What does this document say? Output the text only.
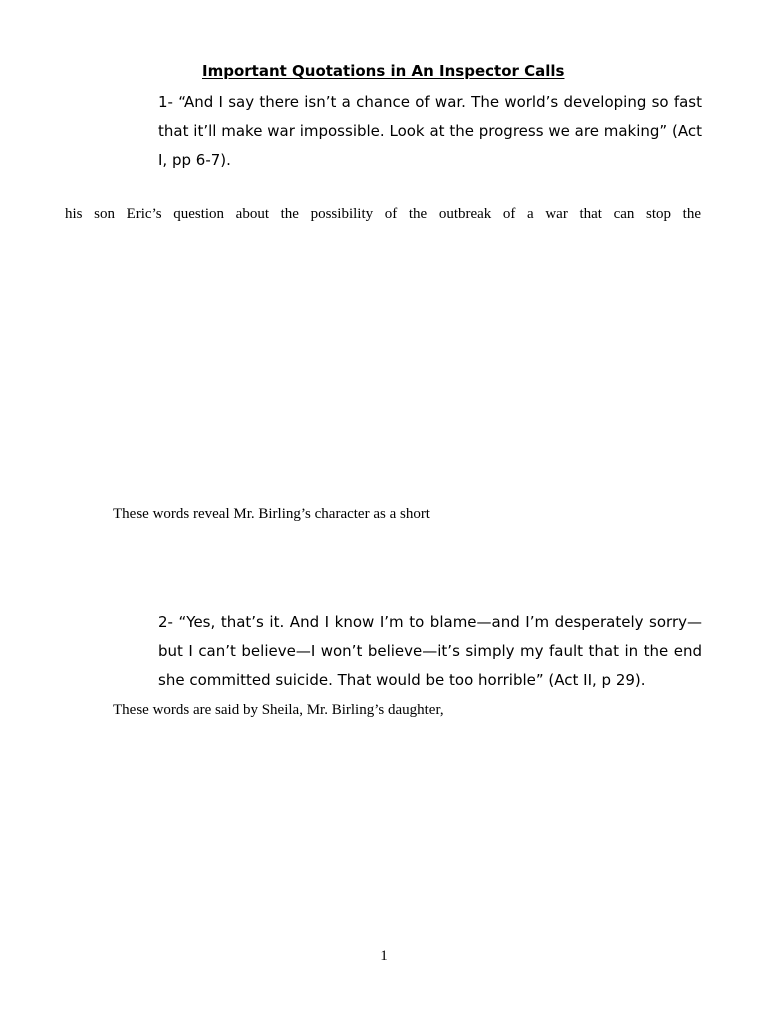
Important Quotations in An Inspector Calls
1- “And I say there isn’t a chance of war. The world’s developing so fast
that it’ll make war impossible. Look at the progress we are making” (Act
I, pp 6-7).

his son Eric’s question about the possibility of the outbreak of a war that can stop the

These words reveal Mr. Birling’s character as a short

2- “Yes, that’s it. And I know I’m to blame—and I’m desperately sorry—
but I can’t believe—I won’t believe—it’s simply my fault that in the end
she committed suicide. That would be too horrible” (Act II, p 29).

These words are said by Sheila, Mr. Birling’s daughter,

1
